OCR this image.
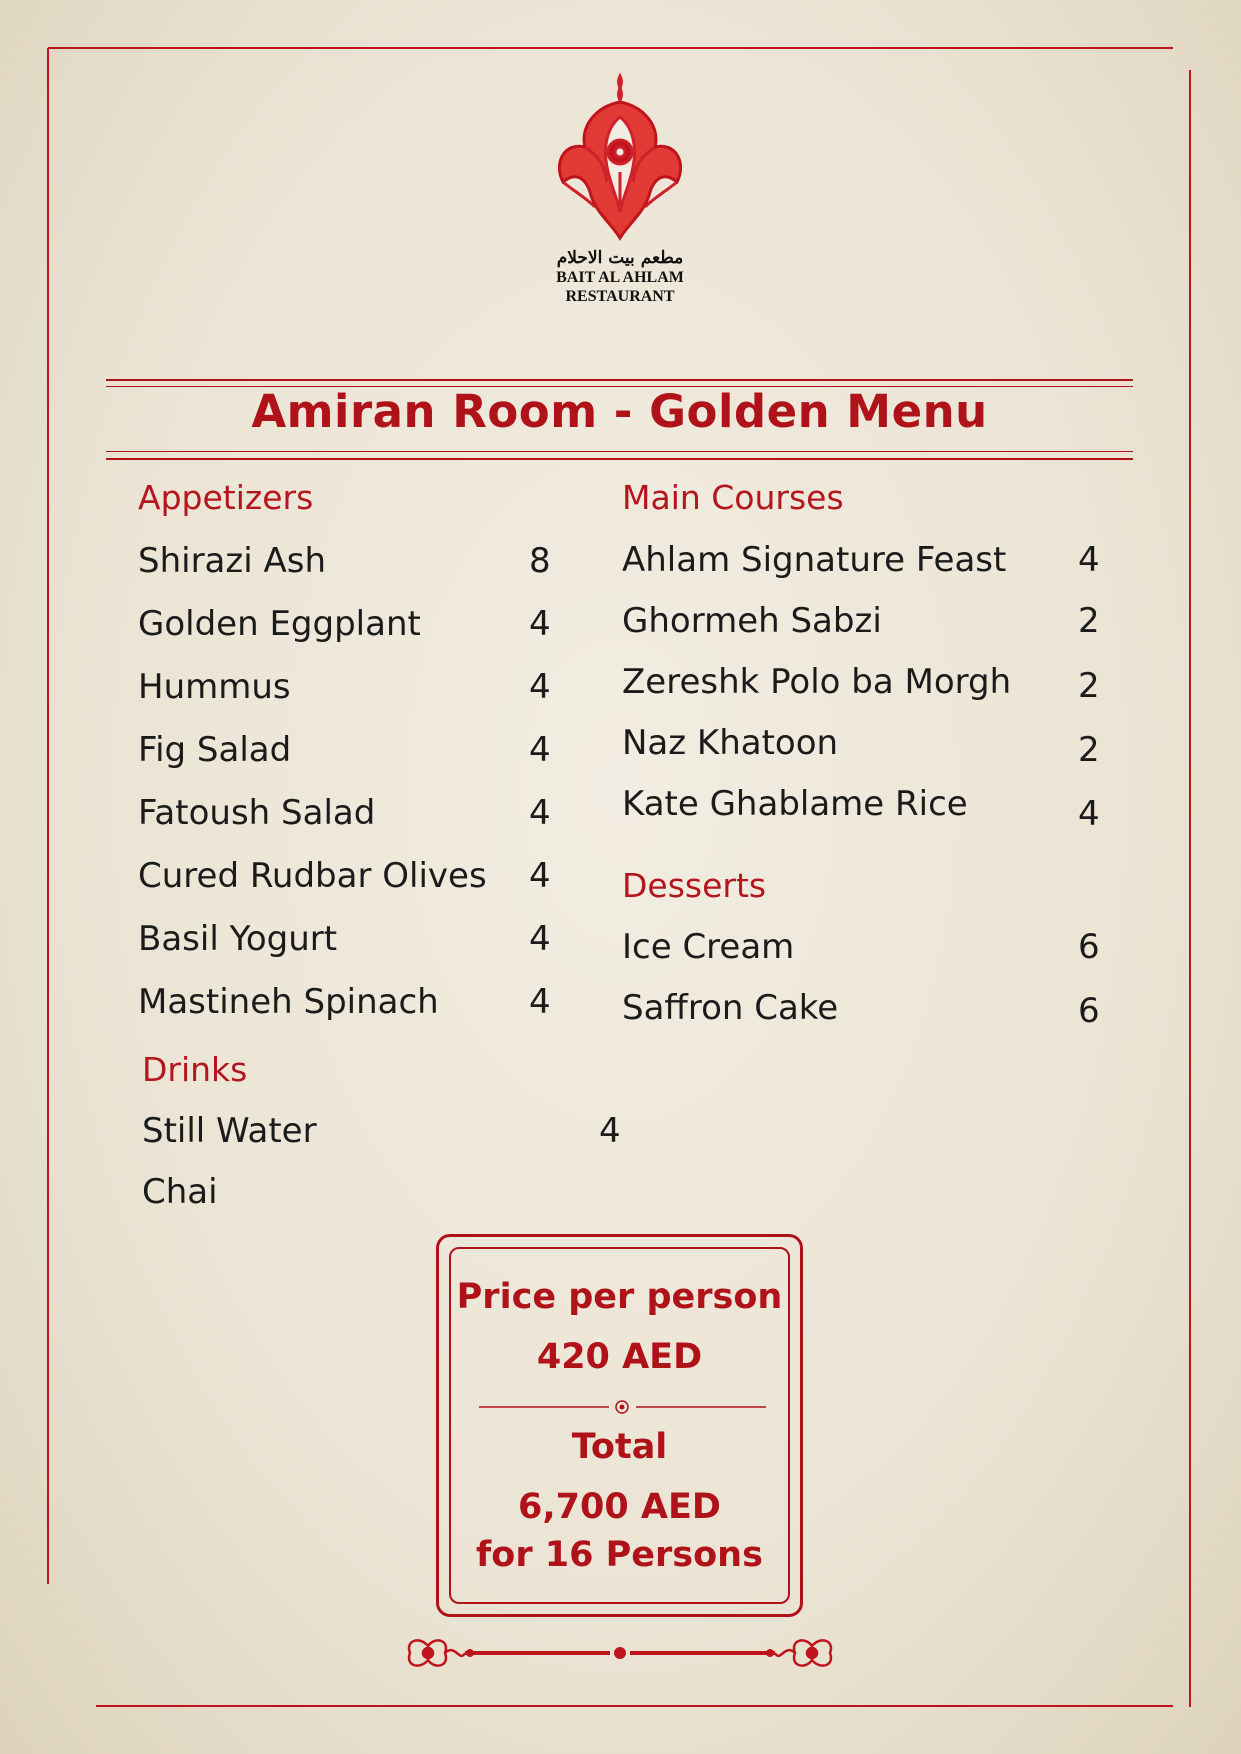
مطعم بيت الاحلام
BAIT AL AHLAM
RESTAURANT
Amiran Room - Golden Menu
Appetizers
Shirazi Ash	8
Golden Eggplant	4
Hummus	4
Fig Salad	4
Fatoush Salad	4
Cured Rudbar Olives 4
Basil Yogurt	4
Mastineh Spinach	4
Main Courses
Ahlam Signature Feast 4
Ghormeh Sabzi	2
Zereshk Polo ba Morgh 2
Naz Khatoon	2
Kate Ghablame Rice	4
Desserts
Ice Cream	6
Saffron Cake	6
Drinks
Still Water	4
Chai
Price per person
420 AED
Total
6,700 AED
for 16 Persons
